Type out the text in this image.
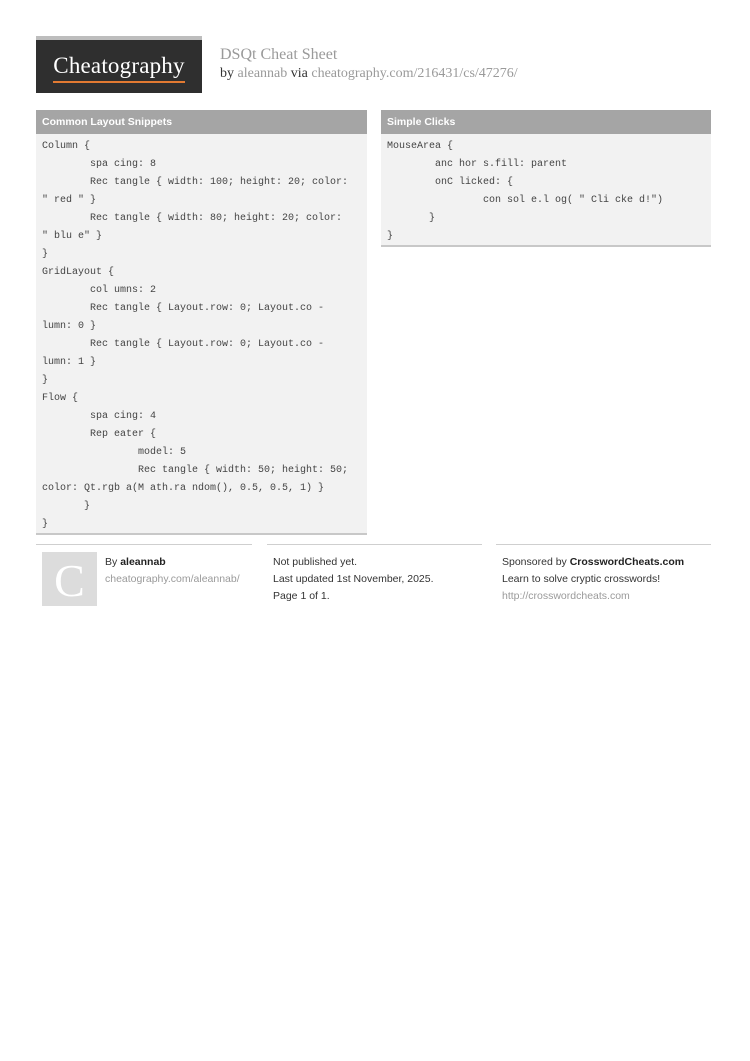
Cheatography	DSQt Cheat Sheet
by aleannab via cheatography.com/216431/cs/47276/
Common Layout Snippets
Column {
spa cing: 8
Rec tangle { width: 100; height: 20; color:
" red " }
Rec tangle { width: 80; height: 20; color:
" blu e" }
}
GridLayout {
col umns: 2
Rec tangle { Layout.row: 0; Layout.co -
lumn: 0 }
Rec tangle { Layout.row: 0; Layout.co -
lumn: 1 }
}
Flow {
spa cing: 4
Rep eater {
model: 5
Rec tangle { width: 50; height: 50;
color: Qt.rgb a(M ath.ra ndom(), 0.5, 0.5, 1) }
}
}
Simple Clicks
MouseArea {
anc hor s.fill: parent
onC licked: {
con sol e.l og( " Cli cke d!")
}
}
C	By aleannab
cheatography.com/aleannab/
Not published yet.
Last updated 1st November, 2025.
Page 1 of 1.
Sponsored by CrosswordCheats.com
Learn to solve cryptic crosswords!
http://crosswordcheats.com
